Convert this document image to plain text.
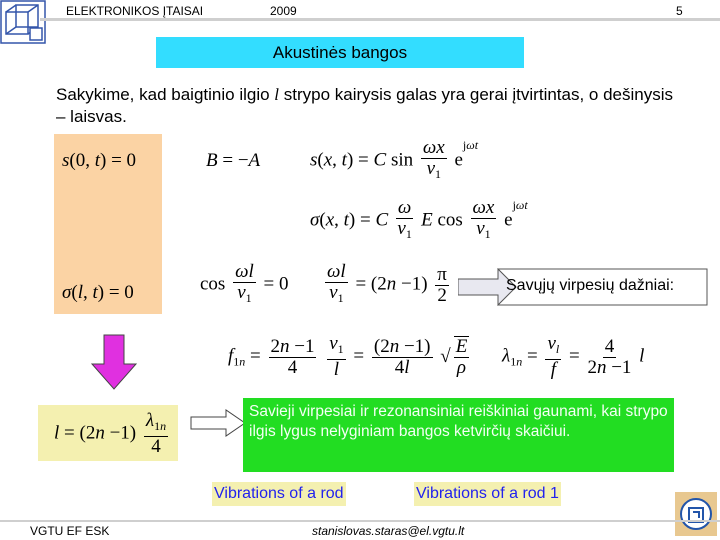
ELEKTRONIKOS ĮTAISAI	2009	5
Akustinės bangos
Sakykime, kad baigtinio ilgio l strypo kairysis galas yra gerai įtvirtintas, o dešinysis – laisvas.
s(0, t) = 0
σ(l, t) = 0
B = −A	s(x, t) = C $\sin \frac{\omega x}{v_1} e^{j\omega t}$
σ(x, t) = C $\frac{\omega}{v_1}$ E $\cos \frac{\omega x}{v_1} e^{j\omega t}$
$\cos \frac{\omega l}{v_1} = 0 \frac{\omega l}{v_1} = (2n -1) \frac{\pi}{2}$	Savųjų virpesių dažniai:
$f_{1n} = \frac{2n -1}{4}$
$\frac{v_1}{l} = \frac{(2n -1)}{4l}$ √ $\frac{E}{\rho} \lambda_{1n} = \frac{v_l}{f} = \frac{4}{2n -1}$ l
$l = (2n -1) \frac{\lambda_{1n}}{4}$	Savieji virpesiai ir rezonansiniai reiškiniai gaunami, kai strypo ilgis lygus nelyginiam bangos ketvirčių skaičiui.
Vibrations of a rod	Vibrations of a rod 1
VGTU EF ESK	stanislovas.staras@el.vgtu.lt
